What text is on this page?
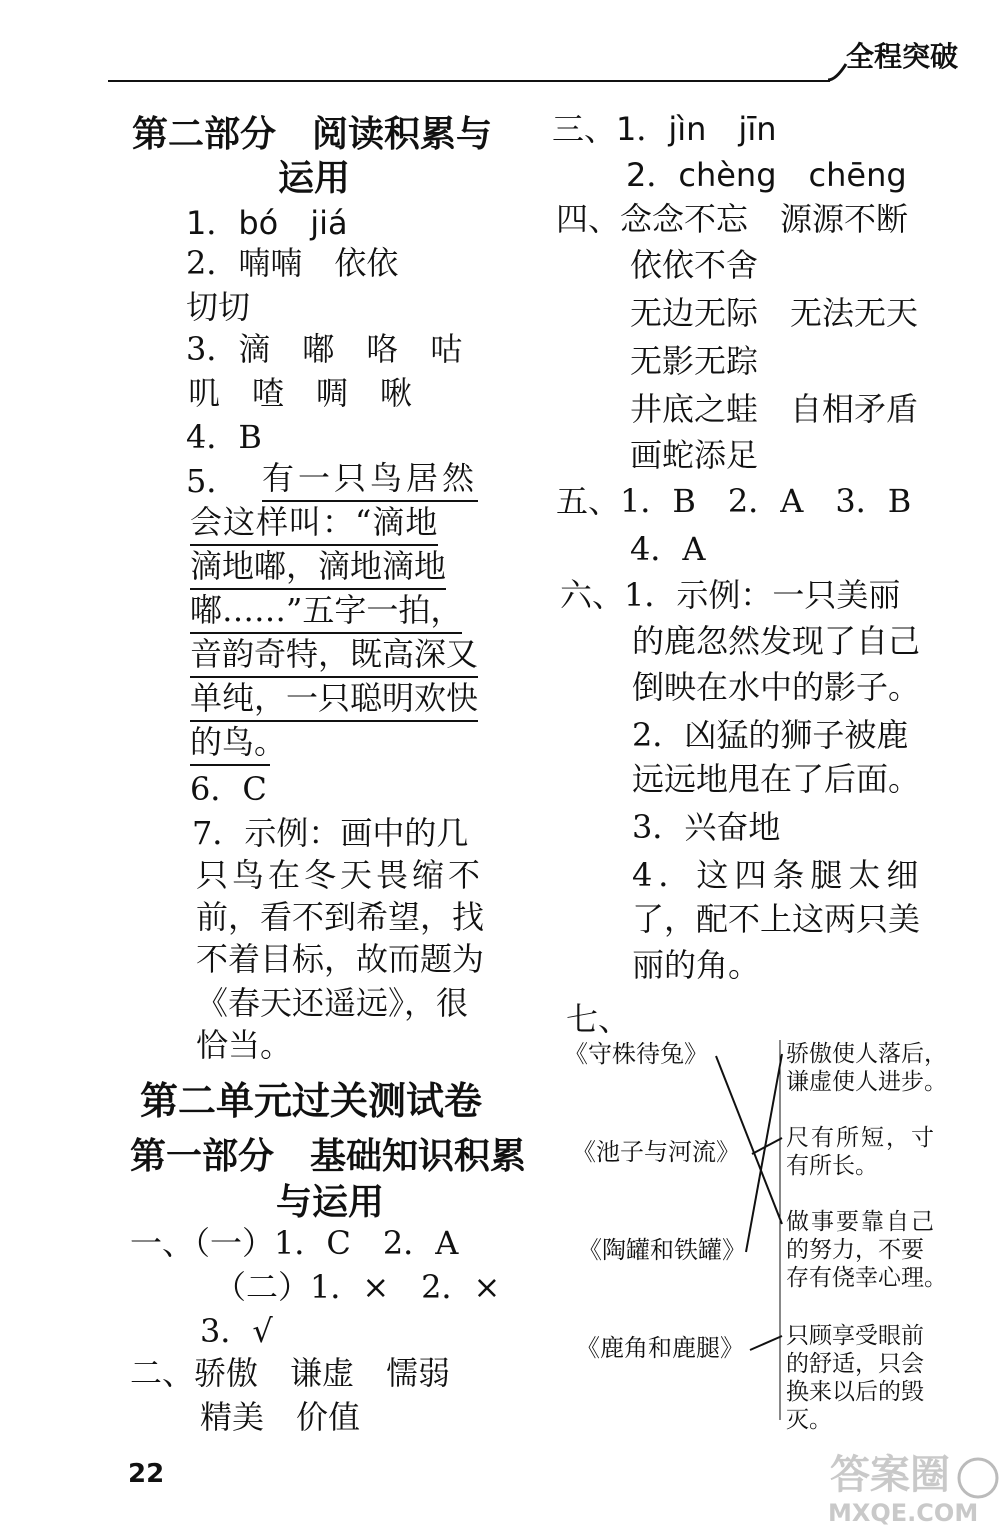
全程突破
第二部分　阅读积累与
运用
1．bó　jiá
2．喃喃　依依
切切
3．滴　嘟　咯　咕
叽　喳　啁　啾
4．B
5． 有一只鸟居然
会这样叫：“滴地
滴地嘟，滴地滴地
嘟……”五字一拍，
音韵奇特，既高深又
单纯，一只聪明欢快
的鸟。
6．C
7．示例：画中的几
只鸟在冬天畏缩不
前，看不到希望，找
不着目标，故而题为
《春天还遥远》，很
恰当。
第二单元过关测试卷
第一部分　基础知识积累
与运用
一、（一）1．C　2．A
（二）1．×　2．×
3．√
二、骄傲　谦虚　懦弱
精美　价值
22
三、1．jìn　jīn
2．chèng　chēng
四、念念不忘　源源不断
依依不舍
无边无际　无法无天
无影无踪
井底之蛙　自相矛盾
画蛇添足
五、1．B　2．A　3．B
4．A
六、1．示例：一只美丽
的鹿忽然发现了自己
倒映在水中的影子。
2．凶猛的狮子被鹿
远远地甩在了后面。
3．兴奋地
4．这四条腿太细
了，配不上这两只美
丽的角。
七、
《守株待兔》
《池子与河流》
《陶罐和铁罐》
《鹿角和鹿腿》
骄傲使人落后，
谦虚使人进步。
尺有所短，寸
有所长。
做事要靠自己
的努力，不要
存有侥幸心理。
只顾享受眼前
的舒适，只会
换来以后的毁
灭。
答案圈
MXQE.COM
